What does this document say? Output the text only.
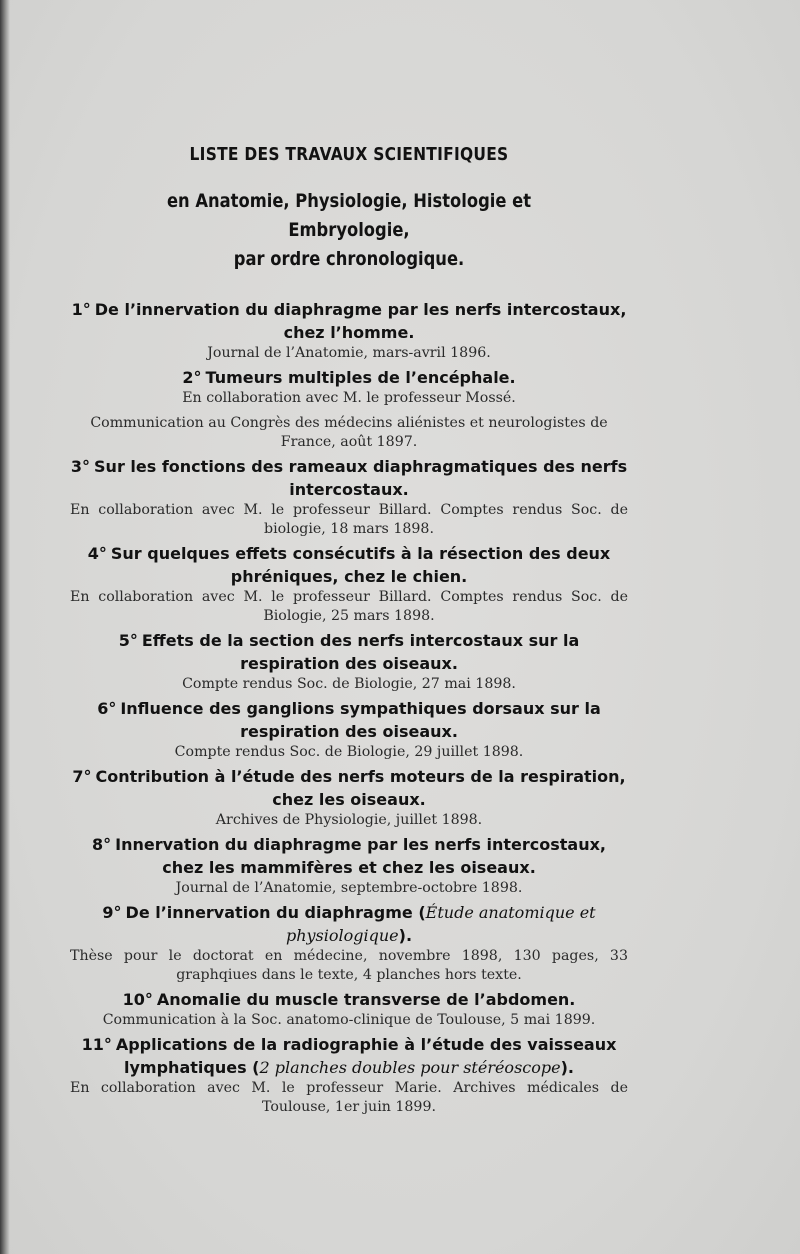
LISTE DES TRAVAUX SCIENTIFIQUES
en Anatomie, Physiologie, Histologie et Embryologie,
par ordre chronologique.
1° De l’innervation du diaphragme par les nerfs intercostaux, chez l’homme.
Journal de l’Anatomie, mars-avril 1896.
2° Tumeurs multiples de l’encéphale.
En collaboration avec M. le professeur Mossé.
Communication au Congrès des médecins aliénistes et neurologistes de France, août 1897.
3° Sur les fonctions des rameaux diaphragmatiques des nerfs intercostaux.
En collaboration avec M. le professeur Billard. Comptes rendus Soc. de biologie, 18 mars 1898.
4° Sur quelques effets consécutifs à la résection des deux phréniques, chez le chien.
En collaboration avec M. le professeur Billard. Comptes rendus Soc. de Biologie, 25 mars 1898.
5° Effets de la section des nerfs intercostaux sur la respiration des oiseaux.
Compte rendus Soc. de Biologie, 27 mai 1898.
6° Influence des ganglions sympathiques dorsaux sur la respiration des oiseaux.
Compte rendus Soc. de Biologie, 29 juillet 1898.
7° Contribution à l’étude des nerfs moteurs de la respiration, chez les oiseaux.
Archives de Physiologie, juillet 1898.
8° Innervation du diaphragme par les nerfs intercostaux, chez les mammifères et chez les oiseaux.
Journal de l’Anatomie, septembre-octobre 1898.
9° De l’innervation du diaphragme (Étude anatomique et physiologique).
Thèse pour le doctorat en médecine, novembre 1898, 130 pages, 33 graphqiues dans le texte, 4 planches hors texte.
10° Anomalie du muscle transverse de l’abdomen.
Communication à la Soc. anatomo-clinique de Toulouse, 5 mai 1899.
11° Applications de la radiographie à l’étude des vaisseaux lymphatiques (2 planches doubles pour stéréoscope).
En collaboration avec M. le professeur Marie. Archives médicales de Toulouse, 1er juin 1899.
